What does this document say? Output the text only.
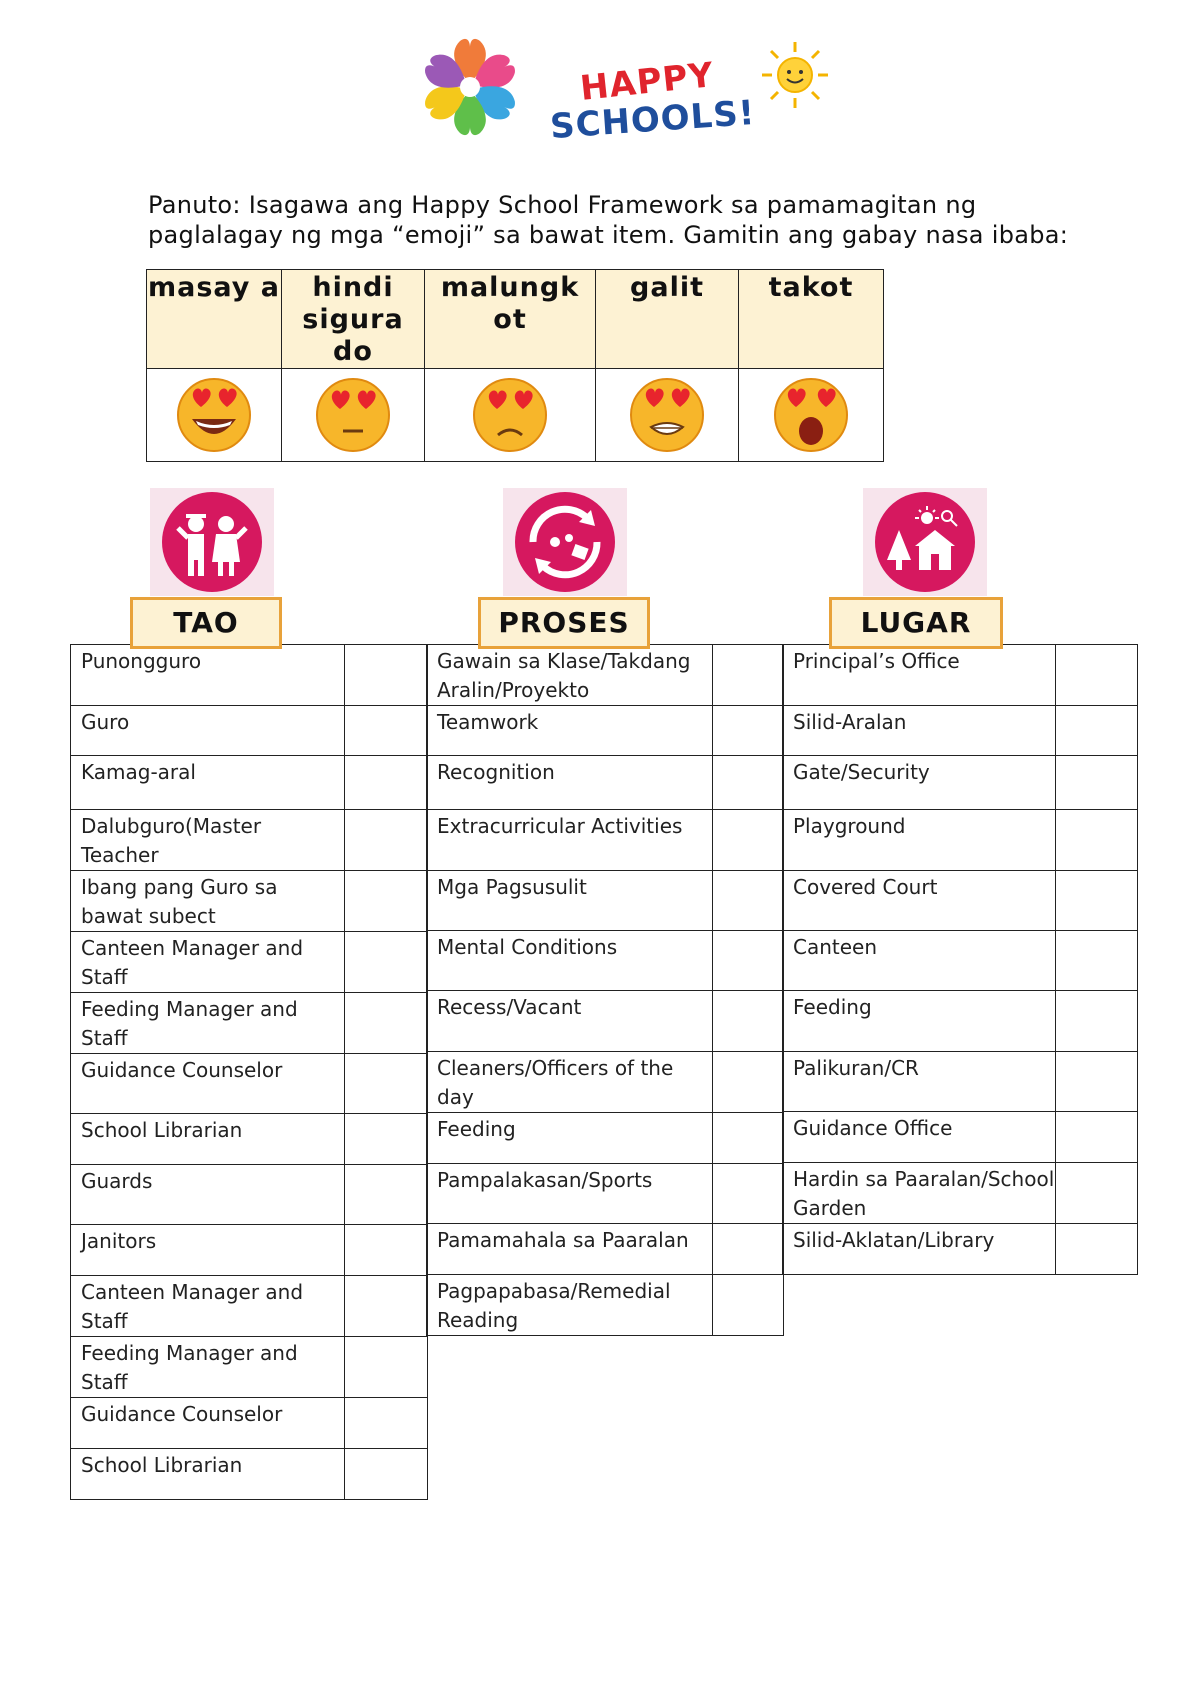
HAPPY
SCHOOLS!
Panuto: Isagawa ang Happy School Framework sa pamamagitan ng paglalagay ng mga “emoji” sa bawat item. Gamitin ang gabay nasa ibaba:
masay a	hindi sigura do	malungk ot	galit	takot

Punongguro	
Guro	
Kamag-aral	
Dalubguro(Master Teacher	
Ibang pang Guro sa bawat subect	
Canteen Manager and Staff	
Feeding Manager and Staff	
Guidance Counselor	
School Librarian	
Guards	
Janitors	
Canteen Manager and Staff	
Feeding Manager and Staff	
Guidance Counselor	
School Librarian	
Gawain sa Klase/Takdang Aralin/Proyekto	
Teamwork	
Recognition	
Extracurricular Activities	
Mga Pagsusulit	
Mental Conditions	
Recess/Vacant	
Cleaners/Officers of the day	
Feeding	
Pampalakasan/Sports	
Pamamahala sa Paaralan	
Pagpapabasa/Remedial Reading	
Principal’s Office	
Silid-Aralan	
Gate/Security	
Playground	
Covered Court	
Canteen	
Feeding	
Palikuran/CR	
Guidance Office	
Hardin sa Paaralan/School Garden	
Silid-Aklatan/Library	
TAO	PROSES	LUGAR
